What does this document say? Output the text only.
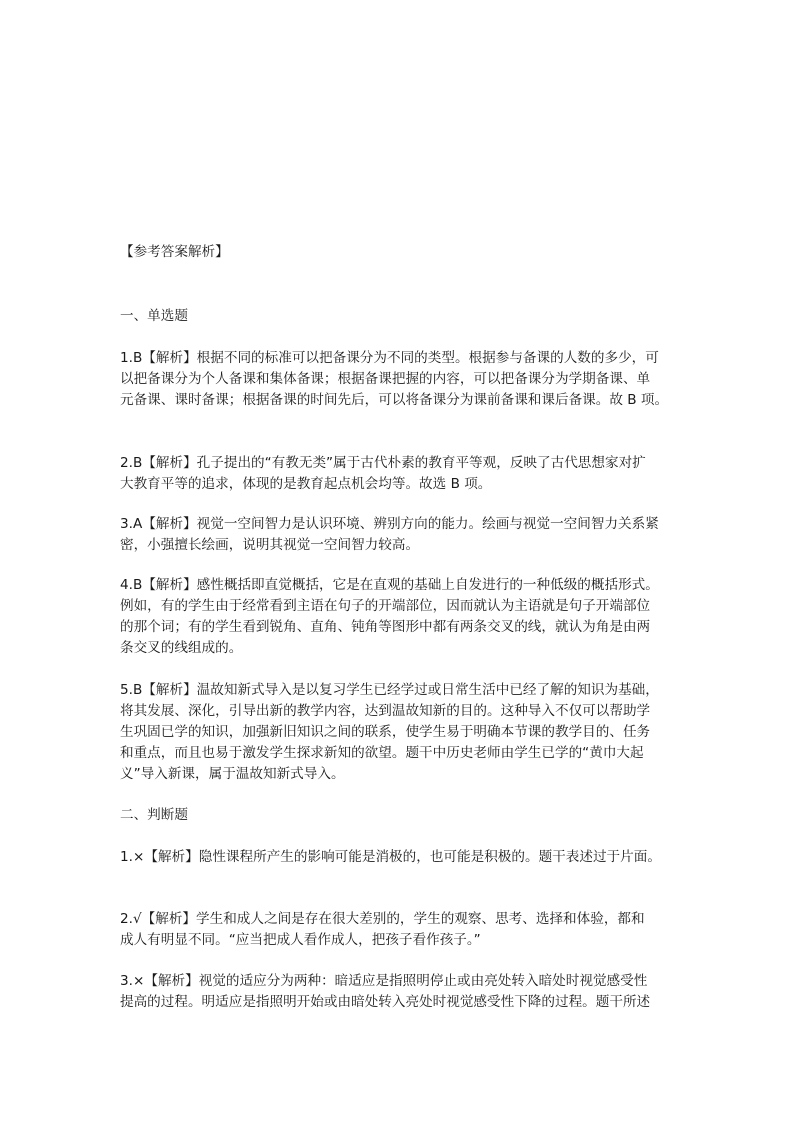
【参考答案解析】
一、单选题
1.B【解析】根据不同的标准可以把备课分为不同的类型。根据参与备课的人数的多少，可
以把备课分为个人备课和集体备课；根据备课把握的内容，可以把备课分为学期备课、单
元备课、课时备课；根据备课的时间先后，可以将备课分为课前备课和课后备课。故 B 项。
2.B【解析】孔子提出的“有教无类”属于古代朴素的教育平等观，反映了古代思想家对扩
大教育平等的追求，体现的是教育起点机会均等。故选 B 项。
3.A【解析】视觉一空间智力是认识环境、辨别方向的能力。绘画与视觉一空间智力关系紧
密，小强擅长绘画，说明其视觉一空间智力较高。
4.B【解析】感性概括即直觉概括，它是在直观的基础上自发进行的一种低级的概括形式。
例如，有的学生由于经常看到主语在句子的开端部位，因而就认为主语就是句子开端部位
的那个词；有的学生看到锐角、直角、钝角等图形中都有两条交叉的线，就认为角是由两
条交叉的线组成的。
5.B【解析】温故知新式导入是以复习学生已经学过或日常生活中已经了解的知识为基础，
将其发展、深化，引导出新的教学内容，达到温故知新的目的。这种导入不仅可以帮助学
生巩固已学的知识，加强新旧知识之间的联系，使学生易于明确本节课的教学目的、任务
和重点，而且也易于激发学生探求新知的欲望。题干中历史老师由学生已学的“黄巾大起
义”导入新课，属于温故知新式导入。
二、判断题
1.×【解析】隐性课程所产生的影响可能是消极的，也可能是积极的。题干表述过于片面。
2.√【解析】学生和成人之间是存在很大差别的，学生的观察、思考、选择和体验，都和
成人有明显不同。“应当把成人看作成人，把孩子看作孩子。”
3.×【解析】视觉的适应分为两种：暗适应是指照明停止或由亮处转入暗处时视觉感受性
提高的过程。明适应是指照明开始或由暗处转入亮处时视觉感受性下降的过程。题干所述
